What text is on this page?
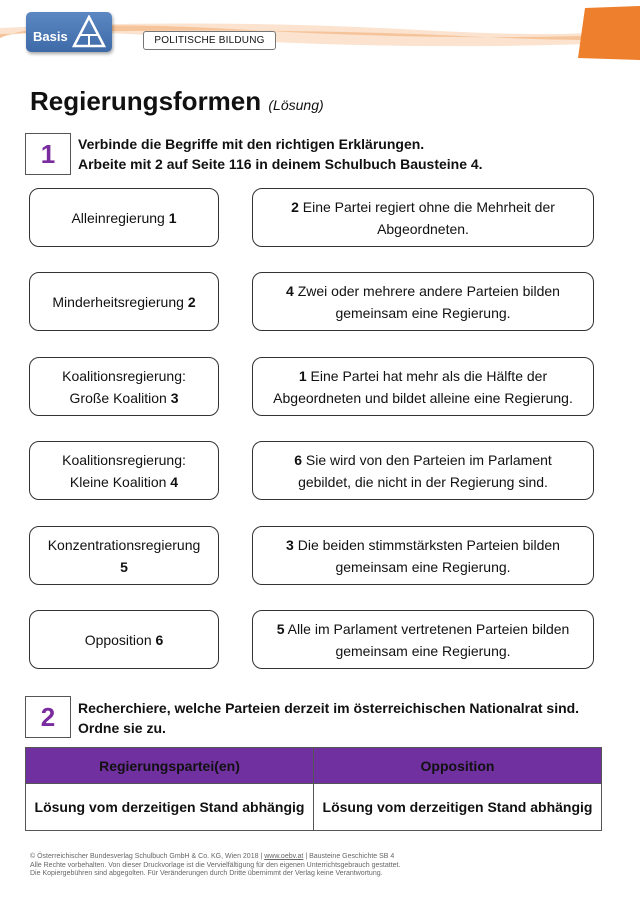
Basis	POLITISCHE BILDUNG
Regierungsformen (Lösung)
1	Verbinde die Begriffe mit den richtigen Erklärungen.
Arbeite mit 2 auf Seite 116 in deinem Schulbuch Bausteine 4.
Alleinregierung 1
Minderheitsregierung 2
Koalitionsregierung:
Große Koalition 3
Koalitionsregierung:
Kleine Koalition 4
Konzentrationsregierung
5
Opposition 6
2 Eine Partei regiert ohne die Mehrheit der
Abgeordneten.
4 Zwei oder mehrere andere Parteien bilden
gemeinsam eine Regierung.
1 Eine Partei hat mehr als die Hälfte der
Abgeordneten und bildet alleine eine Regierung.
6 Sie wird von den Parteien im Parlament
gebildet, die nicht in der Regierung sind.
3 Die beiden stimmstärksten Parteien bilden
gemeinsam eine Regierung.
5 Alle im Parlament vertretenen Parteien bilden
gemeinsam eine Regierung.
2	Recherchiere, welche Parteien derzeit im österreichischen Nationalrat sind.
Ordne sie zu.
Regierungspartei(en)	Opposition
Lösung vom derzeitigen Stand abhängig	Lösung vom derzeitigen Stand abhängig
© Österreichischer Bundesverlag Schulbuch GmbH & Co. KG, Wien 2018 | www.oebv.at | Bausteine Geschichte SB 4
Alle Rechte vorbehalten. Von dieser Druckvorlage ist die Vervielfältigung für den eigenen Unterrichtsgebrauch gestattet.
Die Kopiergebühren sind abgegolten. Für Veränderungen durch Dritte übernimmt der Verlag keine Verantwortung.
